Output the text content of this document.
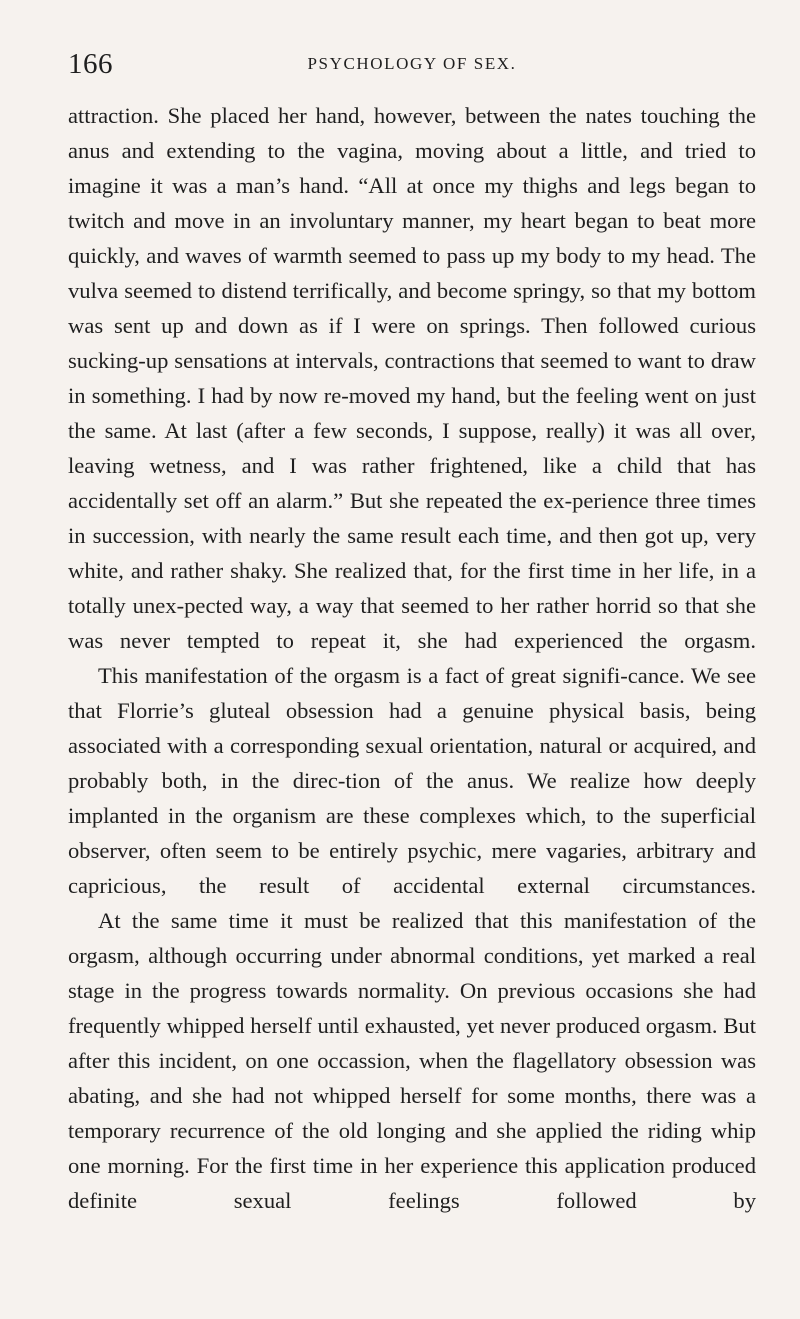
166	PSYCHOLOGY OF SEX.

attraction. She placed her hand, however, between the nates touching the anus and extending to the vagina, moving about a little, and tried to imagine it was a man’s hand. “All at once my thighs and legs began to twitch and move in an involuntary manner, my heart began to beat more quickly, and waves of warmth seemed to pass up my body to my head. The vulva seemed to distend terrifically, and become springy, so that my bottom was sent up and down as if I were on springs. Then followed curious sucking-up sensations at intervals, contractions that seemed to want to draw in something. I had by now re-moved my hand, but the feeling went on just the same. At last (after a few seconds, I suppose, really) it was all over, leaving wetness, and I was rather frightened, like a child that has accidentally set off an alarm.” But she repeated the ex-perience three times in succession, with nearly the same result each time, and then got up, very white, and rather shaky. She realized that, for the first time in her life, in a totally unex-pected way, a way that seemed to her rather horrid so that she was never tempted to repeat it, she had experienced the orgasm.

This manifestation of the orgasm is a fact of great signifi-cance. We see that Florrie’s gluteal obsession had a genuine physical basis, being associated with a corresponding sexual orientation, natural or acquired, and probably both, in the direc-tion of the anus. We realize how deeply implanted in the organism are these complexes which, to the superficial observer, often seem to be entirely psychic, mere vagaries, arbitrary and capricious, the result of accidental external circumstances.

At the same time it must be realized that this manifestation of the orgasm, although occurring under abnormal conditions, yet marked a real stage in the progress towards normality. On previous occasions she had frequently whipped herself until exhausted, yet never produced orgasm. But after this incident, on one occassion, when the flagellatory obsession was abating, and she had not whipped herself for some months, there was a temporary recurrence of the old longing and she applied the riding whip one morning. For the first time in her experience this application produced definite sexual feelings followed by
